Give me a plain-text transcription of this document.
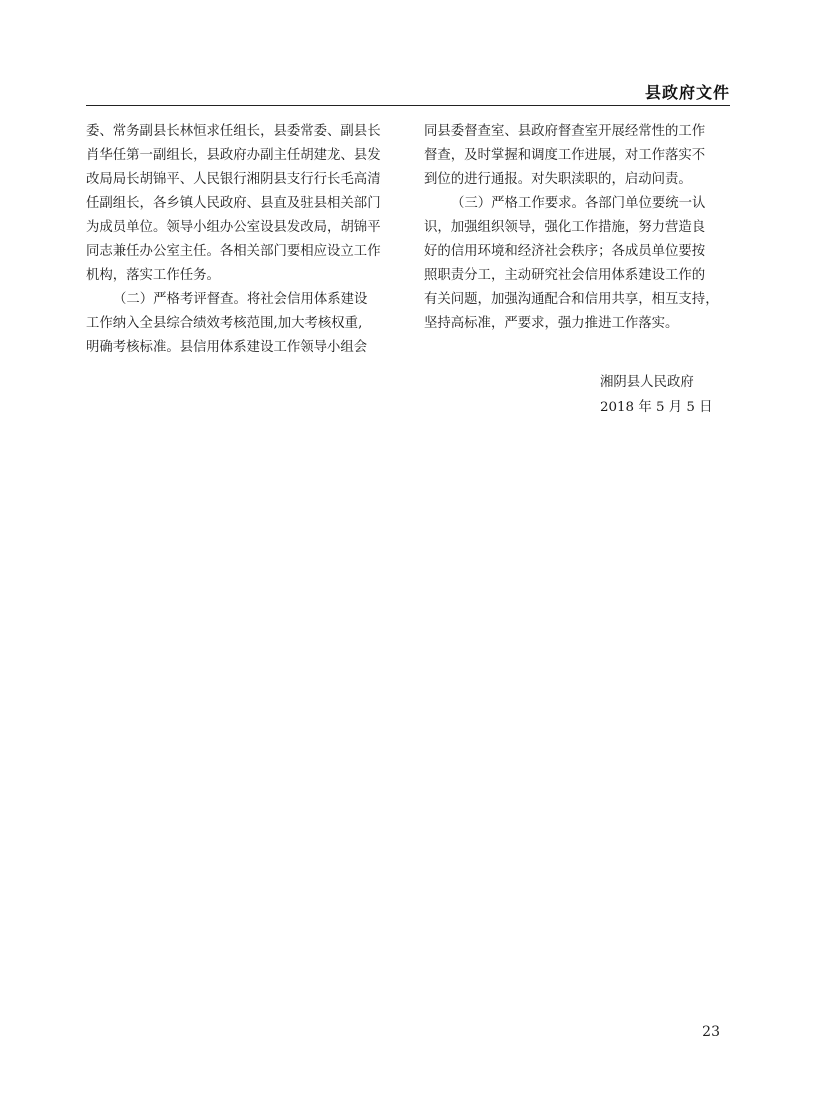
县政府文件
委、常务副县长林恒求任组长，县委常委、副县长
肖华任第一副组长，县政府办副主任胡建龙、县发
改局局长胡锦平、人民银行湘阴县支行行长毛高清
任副组长，各乡镇人民政府、县直及驻县相关部门
为成员单位。领导小组办公室设县发改局，胡锦平
同志兼任办公室主任。各相关部门要相应设立工作
机构，落实工作任务。
（二）严格考评督查。将社会信用体系建设
工作纳入全县综合绩效考核范围,加大考核权重,
明确考核标准。县信用体系建设工作领导小组会
同县委督查室、县政府督查室开展经常性的工作
督查，及时掌握和调度工作进展，对工作落实不
到位的进行通报。对失职渎职的，启动问责。
（三）严格工作要求。各部门单位要统一认
识，加强组织领导，强化工作措施，努力营造良
好的信用环境和经济社会秩序；各成员单位要按
照职责分工，主动研究社会信用体系建设工作的
有关问题，加强沟通配合和信用共享，相互支持，
坚持高标准，严要求，强力推进工作落实。
湘阴县人民政府
2018 年 5 月 5 日
23
